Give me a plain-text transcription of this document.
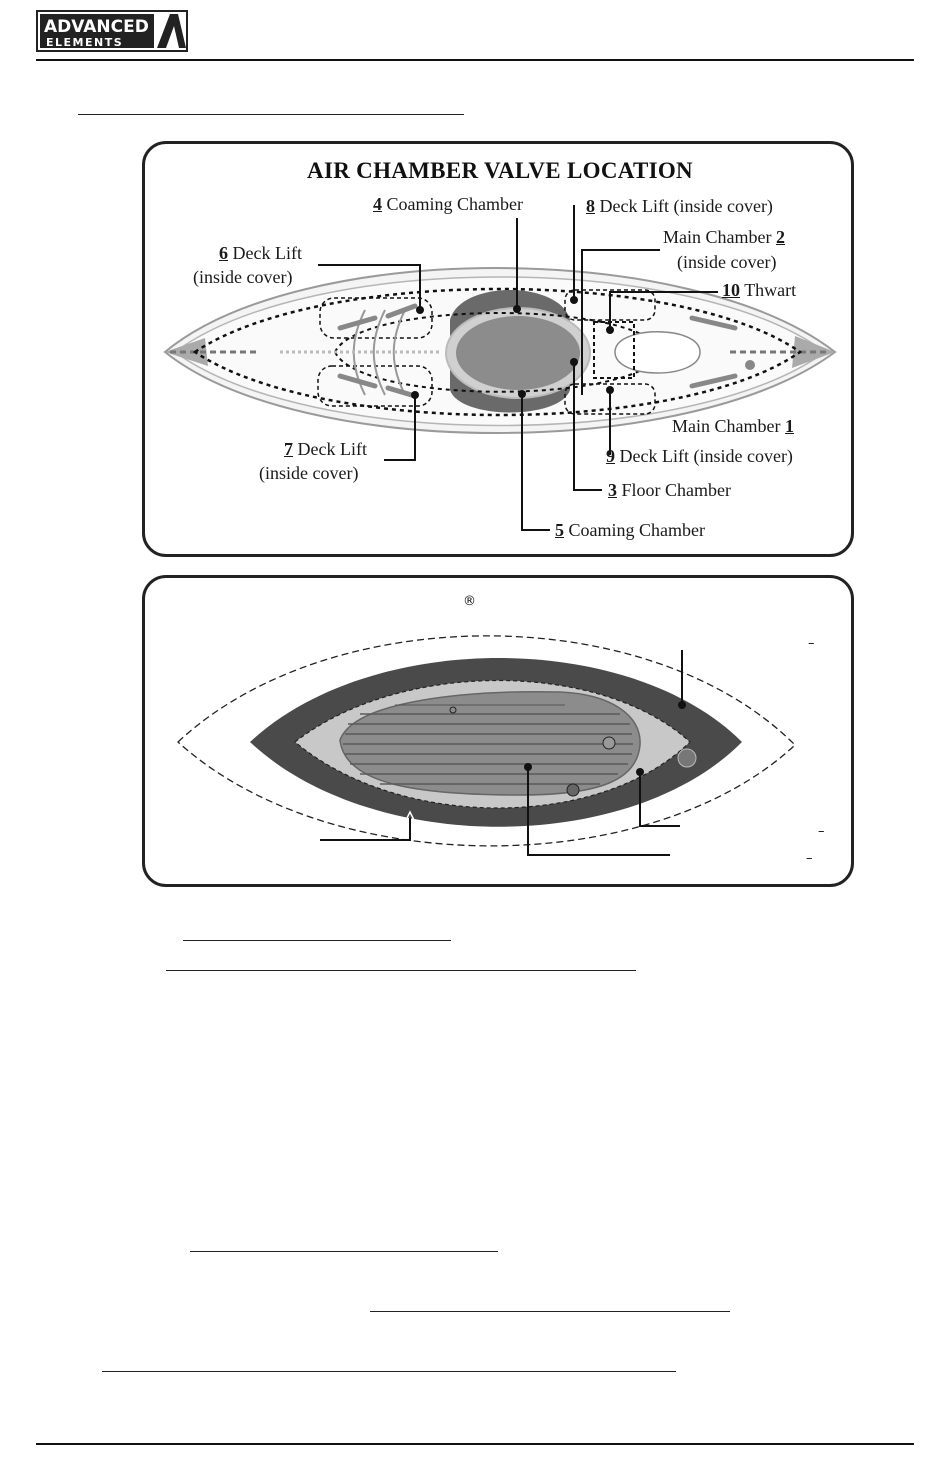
ADVANCED
ELEMENTS
AIR CHAMBER VALVE LOCATION
4 Coaming Chamber	8 Deck Lift (inside cover)
6 Deck Lift
(inside cover)
Main Chamber 2
(inside cover)
10 Thwart
Main Chamber 1
7 Deck Lift
(inside cover)
9 Deck Lift (inside cover)
3 Floor Chamber
5 Coaming Chamber
®
–
–
–
